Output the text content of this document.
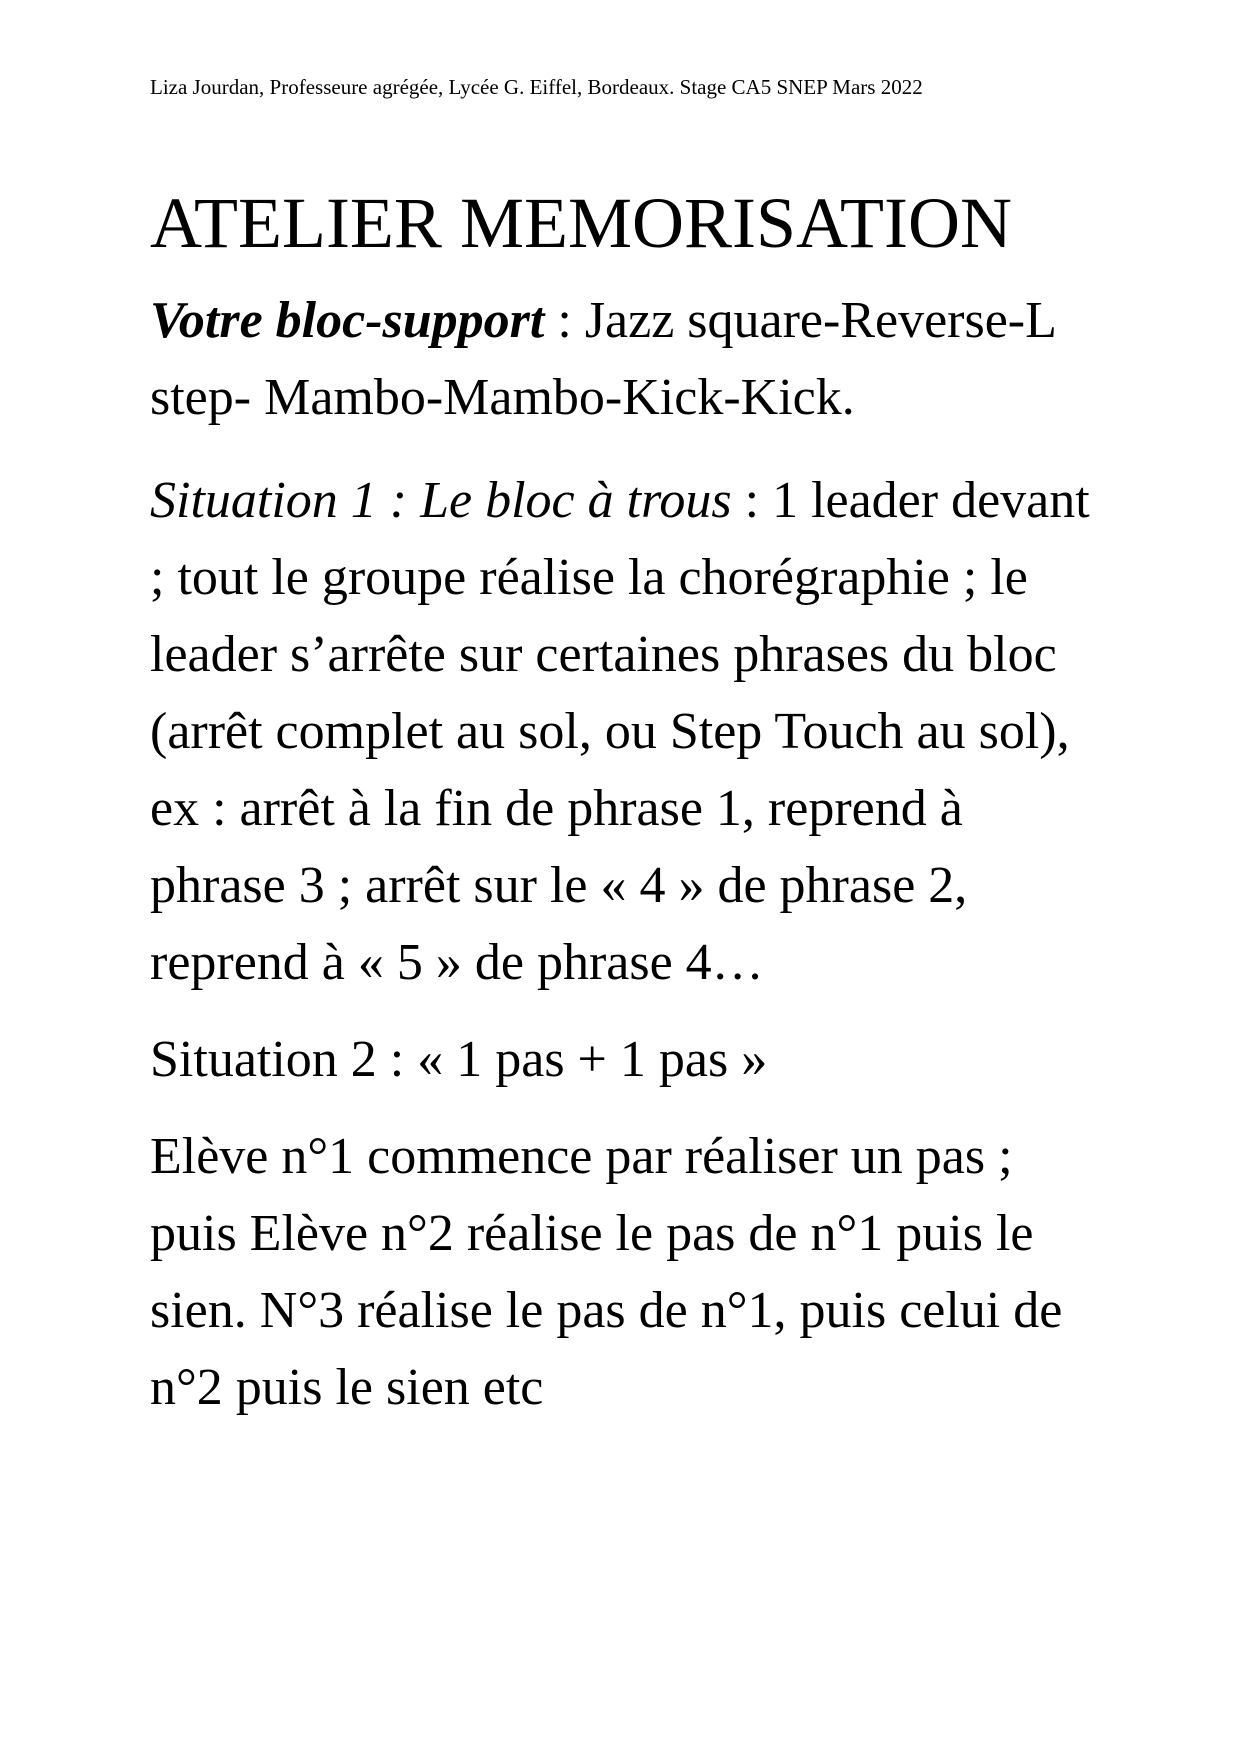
Liza Jourdan, Professeure agrégée, Lycée G. Eiffel, Bordeaux. Stage CA5 SNEP Mars 2022

ATELIER MEMORISATION

Votre bloc-support : Jazz square-Reverse-L step- Mambo-Mambo-Kick-Kick.

Situation 1 : Le bloc à trous : 1 leader devant ; tout le groupe réalise la chorégraphie ; le leader s’arrête sur certaines phrases du bloc (arrêt complet au sol, ou Step Touch au sol), ex : arrêt à la fin de phrase 1, reprend à phrase 3 ; arrêt sur le « 4 » de phrase 2, reprend à « 5 » de phrase 4…

Situation 2 : « 1 pas + 1 pas »

Elève n°1 commence par réaliser un pas ; puis Elève n°2 réalise le pas de n°1 puis le sien. N°3 réalise le pas de n°1, puis celui de n°2 puis le sien etc
